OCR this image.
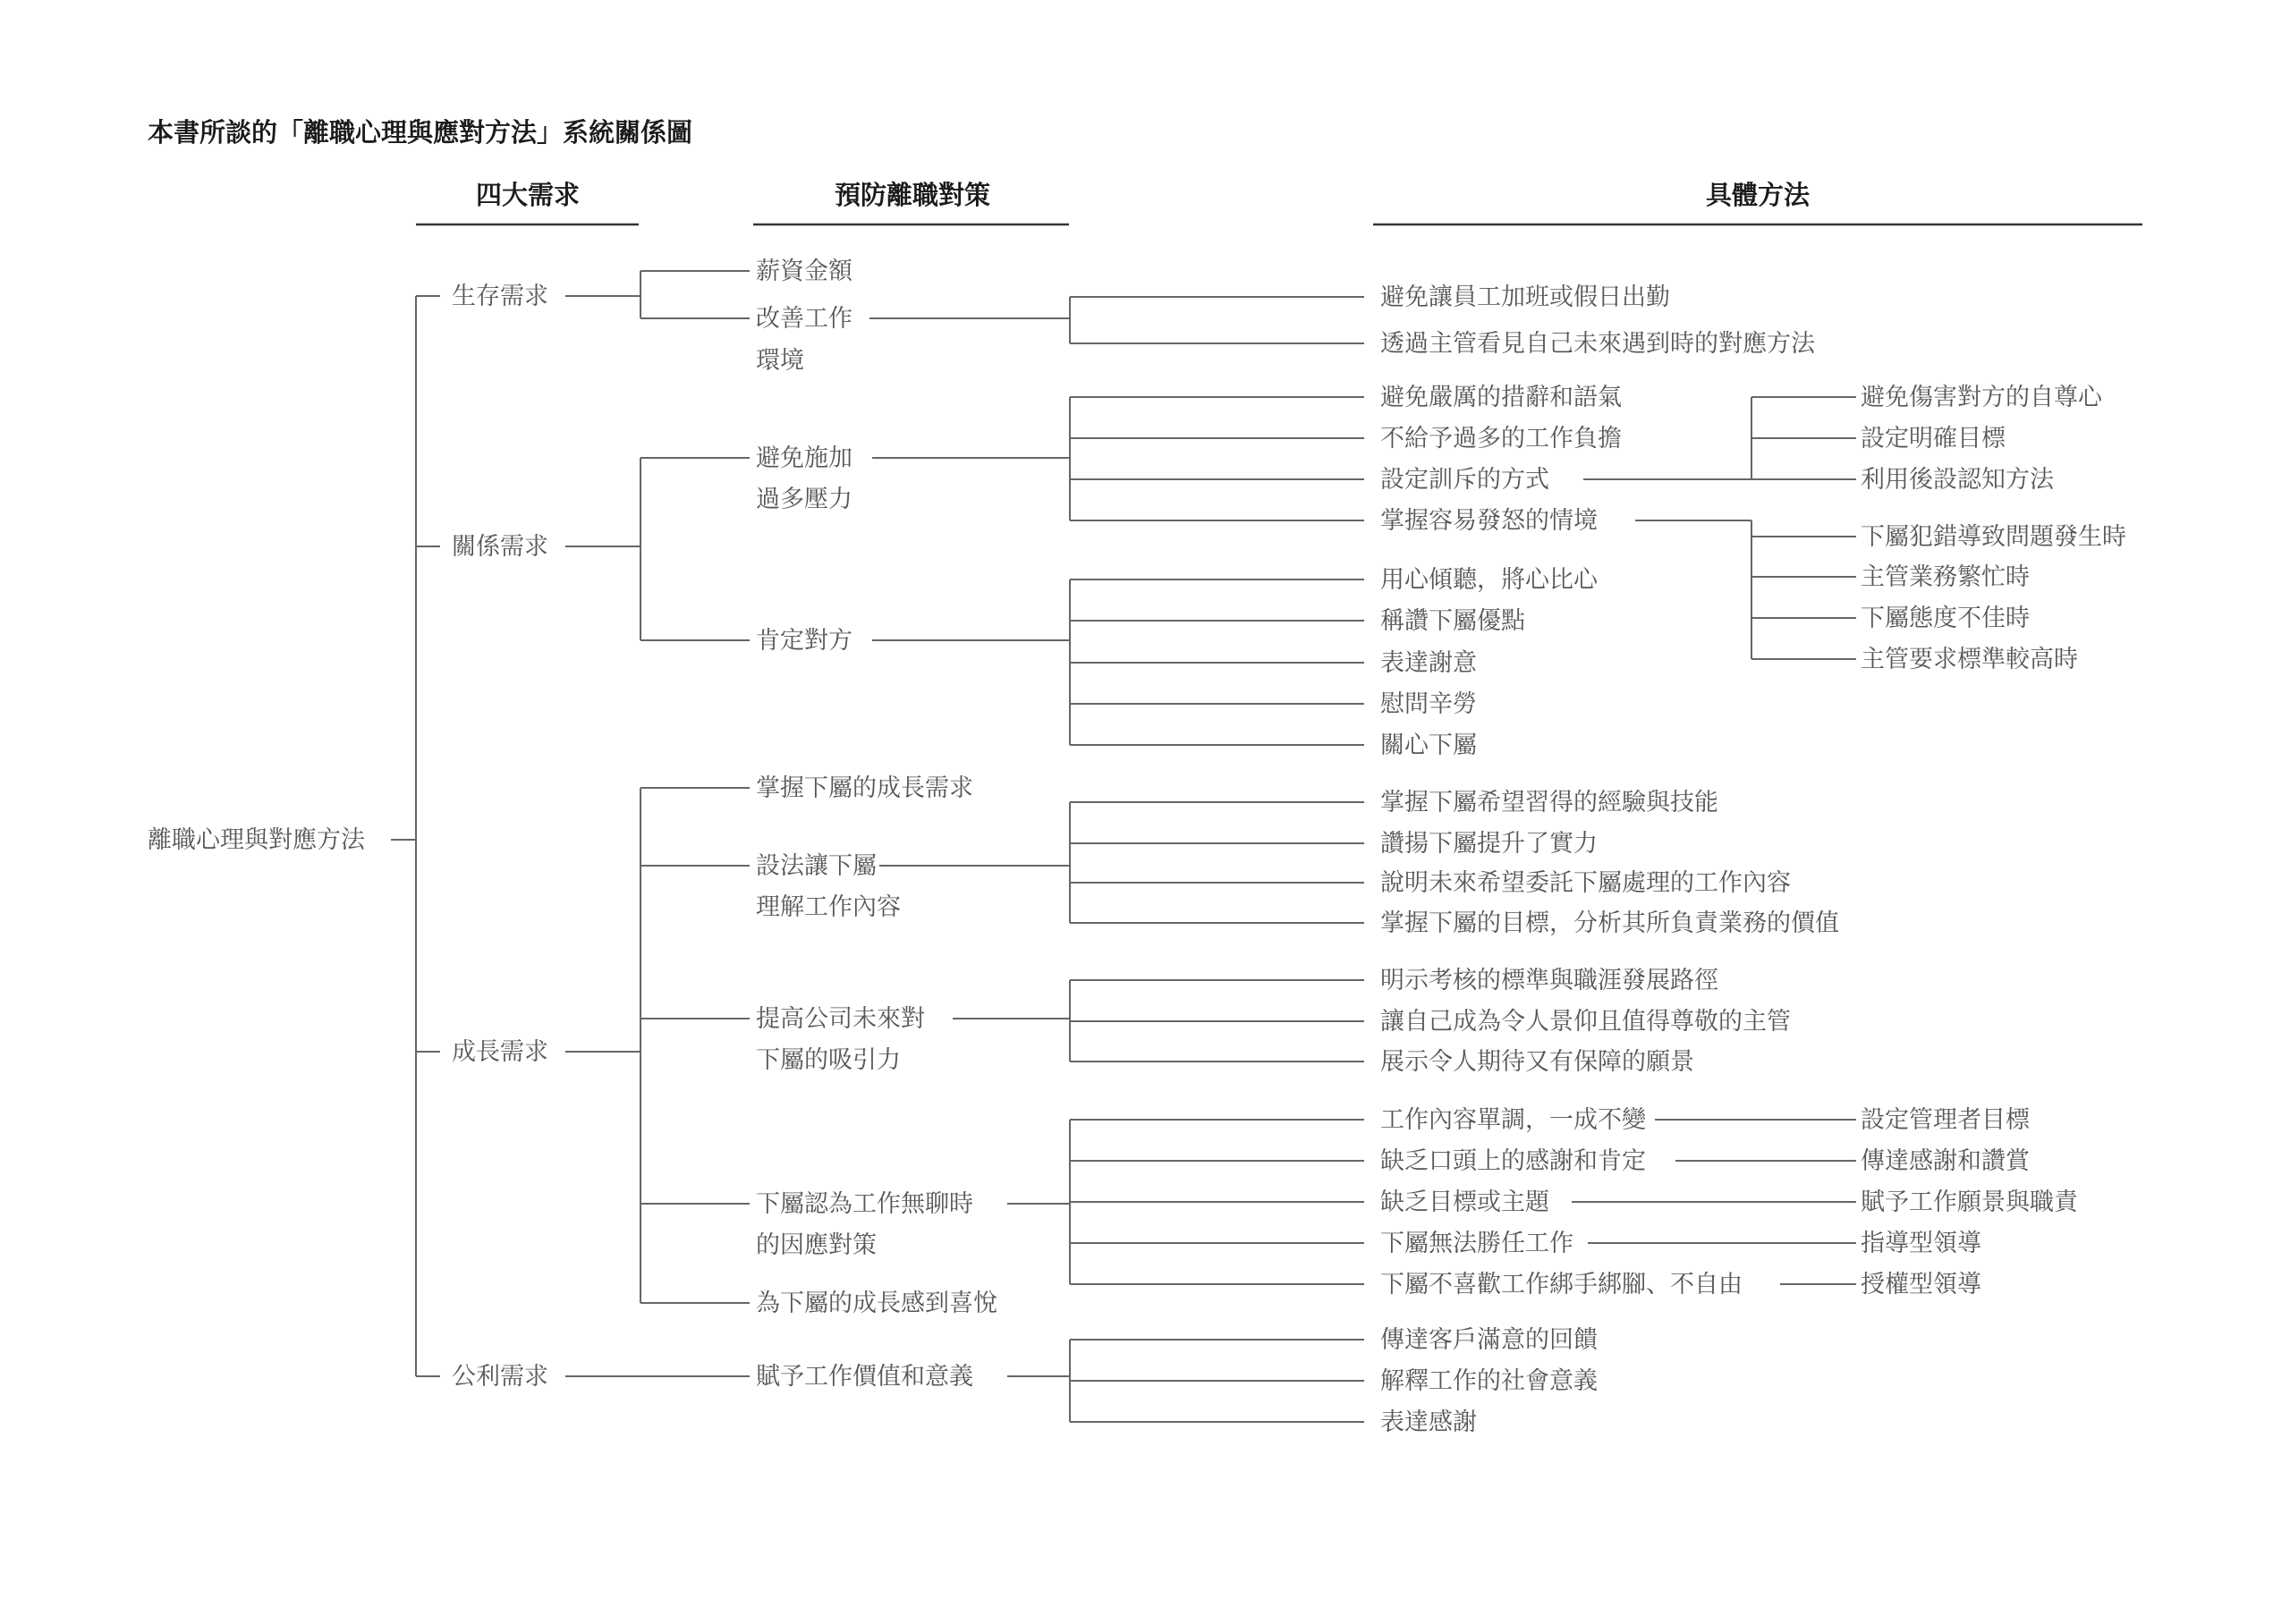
本書所談的「離職心理與應對方法」系統關係圖
四大需求	預防離職對策	具體方法
離職心理與對應方法
生存需求
關係需求
成長需求
公利需求
薪資金額
改善工作
環境
避免施加
過多壓力
肯定對方
掌握下屬的成長需求
設法讓下屬
理解工作內容
提高公司未來對
下屬的吸引力
下屬認為工作無聊時
的因應對策
為下屬的成長感到喜悅
賦予工作價值和意義
避免讓員工加班或假日出勤
透過主管看見自己未來遇到時的對應方法
避免嚴厲的措辭和語氣
不給予過多的工作負擔
設定訓斥的方式
掌握容易發怒的情境
用心傾聽，將心比心
稱讚下屬優點
表達謝意
慰問辛勞
關心下屬
掌握下屬希望習得的經驗與技能
讚揚下屬提升了實力
說明未來希望委託下屬處理的工作內容
掌握下屬的目標，分析其所負責業務的價值
明示考核的標準與職涯發展路徑
讓自己成為令人景仰且值得尊敬的主管
展示令人期待又有保障的願景
工作內容單調，一成不變
缺乏口頭上的感謝和肯定
缺乏目標或主題
下屬無法勝任工作
下屬不喜歡工作綁手綁腳、不自由
傳達客戶滿意的回饋
解釋工作的社會意義
表達感謝
避免傷害對方的自尊心
設定明確目標
利用後設認知方法
下屬犯錯導致問題發生時
主管業務繁忙時
下屬態度不佳時
主管要求標準較高時
設定管理者目標
傳達感謝和讚賞
賦予工作願景與職責
指導型領導
授權型領導
